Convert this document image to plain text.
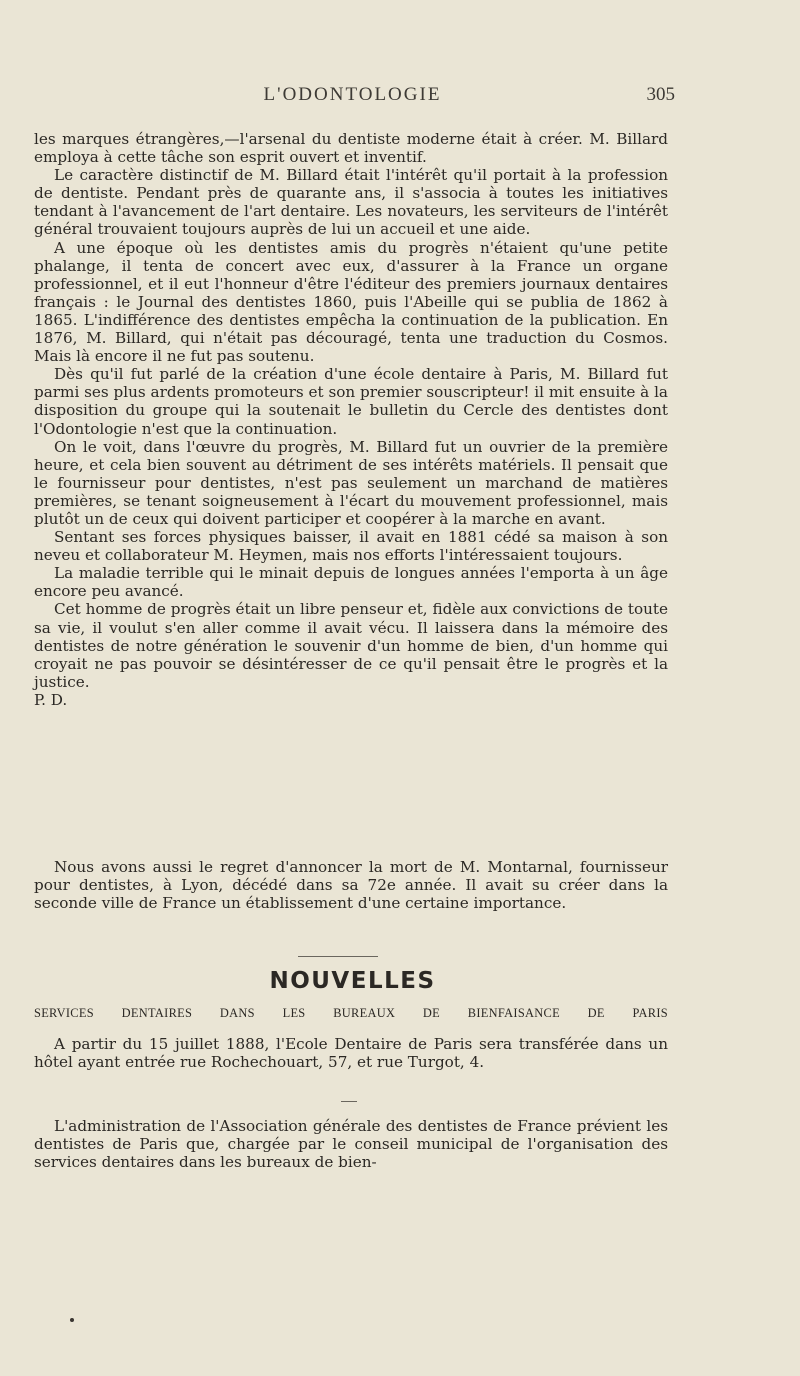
L'ODONTOLOGIE	305

les marques étrangères,—l'arsenal du dentiste moderne était à créer. M. Billard employa à cette tâche son esprit ouvert et inventif.

Le caractère distinctif de M. Billard était l'intérêt qu'il portait à la profession de dentiste. Pendant près de quarante ans, il s'associa à toutes les initiatives tendant à l'avancement de l'art dentaire. Les novateurs, les serviteurs de l'intérêt général trouvaient toujours auprès de lui un accueil et une aide.

A une époque où les dentistes amis du progrès n'étaient qu'une petite phalange, il tenta de concert avec eux, d'assurer à la France un organe professionnel, et il eut l'honneur d'être l'éditeur des premiers journaux dentaires français : le Journal des dentistes 1860, puis l'Abeille qui se publia de 1862 à 1865. L'indifférence des dentistes empêcha la continuation de la publication. En 1876, M. Billard, qui n'était pas découragé, tenta une traduction du Cosmos. Mais là encore il ne fut pas soutenu.

Dès qu'il fut parlé de la création d'une école dentaire à Paris, M. Billard fut parmi ses plus ardents promoteurs et son premier souscripteur! il mit ensuite à la disposition du groupe qui la soutenait le bulletin du Cercle des dentistes dont l'Odontologie n'est que la continuation.

On le voit, dans l'œuvre du progrès, M. Billard fut un ouvrier de la première heure, et cela bien souvent au détriment de ses intérêts matériels. Il pensait que le fournisseur pour dentistes, n'est pas seulement un marchand de matières premières, se tenant soigneusement à l'écart du mouvement professionnel, mais plutôt un de ceux qui doivent participer et coopérer à la marche en avant.

Sentant ses forces physiques baisser, il avait en 1881 cédé sa maison à son neveu et collaborateur M. Heymen, mais nos efforts l'intéressaient toujours.

La maladie terrible qui le minait depuis de longues années l'emporta à un âge encore peu avancé.

Cet homme de progrès était un libre penseur et, fidèle aux convictions de toute sa vie, il voulut s'en aller comme il avait vécu. Il laissera dans la mémoire des dentistes de notre génération le souvenir d'un homme de bien, d'un homme qui croyait ne pas pouvoir se désintéresser de ce qu'il pensait être le progrès et la justice.

P. D.

Nous avons aussi le regret d'annoncer la mort de M. Montarnal, fournisseur pour dentistes, à Lyon, décédé dans sa 72e année. Il avait su créer dans la seconde ville de France un établissement d'une certaine importance.

NOUVELLES
SERVICES DENTAIRES DANS LES BUREAUX DE BIENFAISANCE DE PARIS

A partir du 15 juillet 1888, l'Ecole Dentaire de Paris sera transférée dans un hôtel ayant entrée rue Rochechouart, 57, et rue Turgot, 4.

L'administration de l'Association générale des dentistes de France prévient les dentistes de Paris que, chargée par le conseil municipal de l'organisation des services dentaires dans les bureaux de bien-
